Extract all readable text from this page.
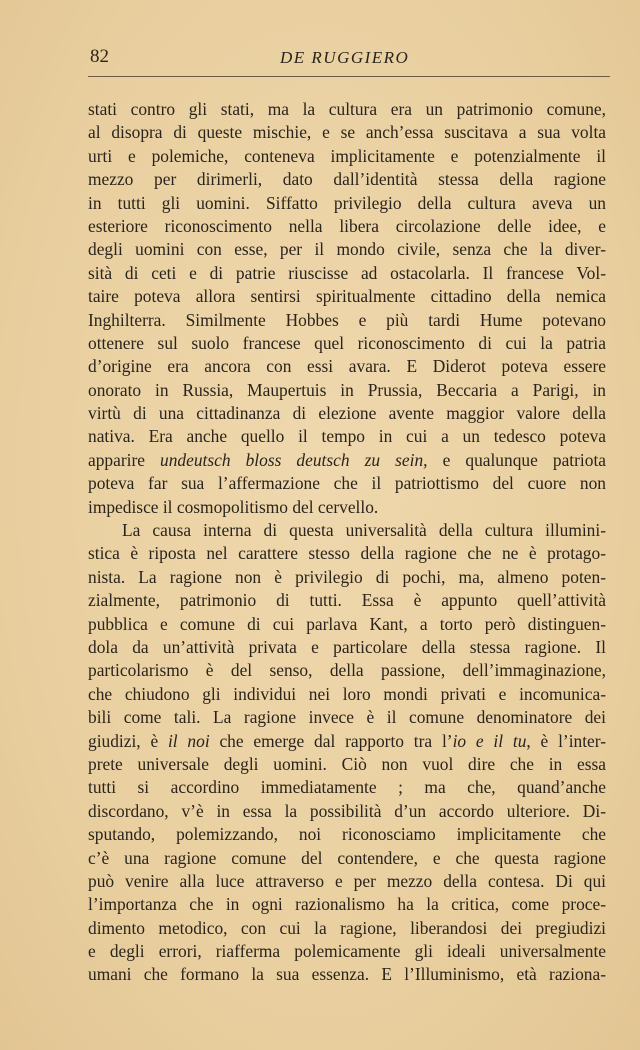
82	DE RUGGIERO
stati contro gli stati, ma la cultura era un patrimonio comune,
al disopra di queste mischie, e se anch’essa suscitava a sua volta
urti e polemiche, conteneva implicitamente e potenzialmente il
mezzo per dirimerli, dato dall’identità stessa della ragione
in tutti gli uomini. Siffatto privilegio della cultura aveva un
esteriore riconoscimento nella libera circolazione delle idee, e
degli uomini con esse, per il mondo civile, senza che la diver-
sità di ceti e di patrie riuscisse ad ostacolarla. Il francese Vol-
taire poteva allora sentirsi spiritualmente cittadino della nemica
Inghilterra. Similmente Hobbes e più tardi Hume potevano
ottenere sul suolo francese quel riconoscimento di cui la patria
d’origine era ancora con essi avara. E Diderot poteva essere
onorato in Russia, Maupertuis in Prussia, Beccaria a Parigi, in
virtù di una cittadinanza di elezione avente maggior valore della
nativa. Era anche quello il tempo in cui a un tedesco poteva
apparire undeutsch bloss deutsch zu sein, e qualunque patriota
poteva far sua l’affermazione che il patriottismo del cuore non
impedisce il cosmopolitismo del cervello.
La causa interna di questa universalità della cultura illumini-
stica è riposta nel carattere stesso della ragione che ne è protago-
nista. La ragione non è privilegio di pochi, ma, almeno poten-
zialmente, patrimonio di tutti. Essa è appunto quell’attività
pubblica e comune di cui parlava Kant, a torto però distinguen-
dola da un’attività privata e particolare della stessa ragione. Il
particolarismo è del senso, della passione, dell’immaginazione,
che chiudono gli individui nei loro mondi privati e incomunica-
bili come tali. La ragione invece è il comune denominatore dei
giudizi, è il noi che emerge dal rapporto tra l’io e il tu, è l’inter-
prete universale degli uomini. Ciò non vuol dire che in essa
tutti si accordino immediatamente ; ma che, quand’anche
discordano, v’è in essa la possibilità d’un accordo ulteriore. Di-
sputando, polemizzando, noi riconosciamo implicitamente che
c’è una ragione comune del contendere, e che questa ragione
può venire alla luce attraverso e per mezzo della contesa. Di qui
l’importanza che in ogni razionalismo ha la critica, come proce-
dimento metodico, con cui la ragione, liberandosi dei pregiudizi
e degli errori, riafferma polemicamente gli ideali universalmente
umani che formano la sua essenza. E l’Illuminismo, età raziona-
